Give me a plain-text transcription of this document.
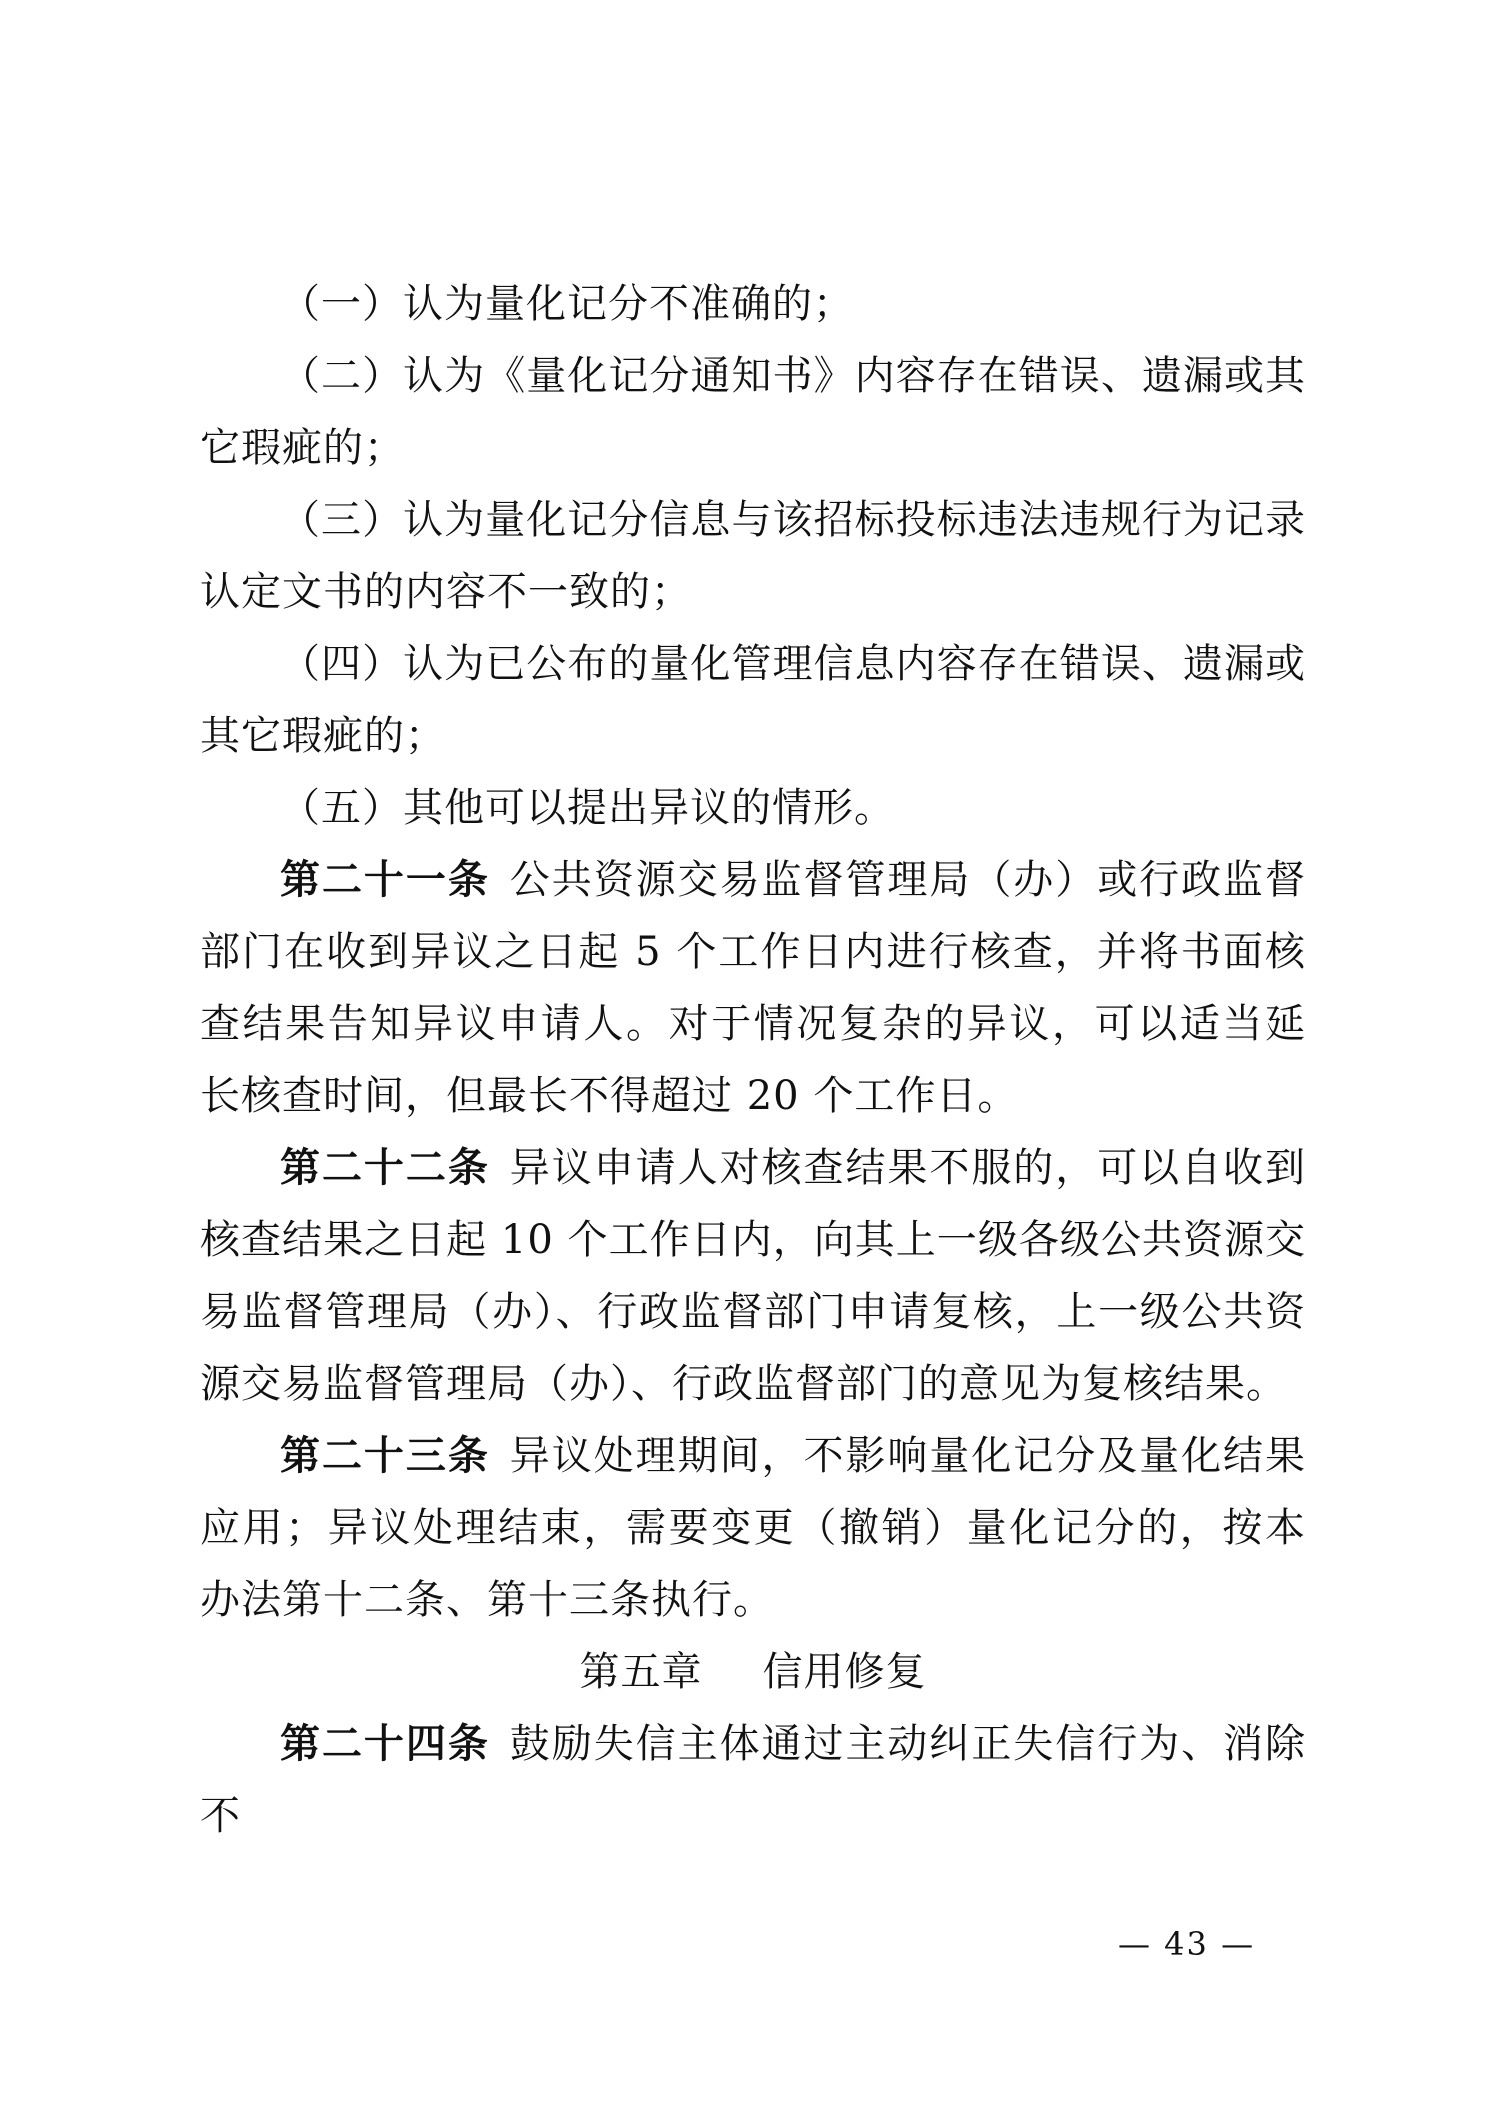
（一）认为量化记分不准确的；

（二）认为《量化记分通知书》内容存在错误、遗漏或其它瑕疵的；

（三）认为量化记分信息与该招标投标违法违规行为记录认定文书的内容不一致的；

（四）认为已公布的量化管理信息内容存在错误、遗漏或其它瑕疵的；

（五）其他可以提出异议的情形。

第二十一条 公共资源交易监督管理局（办）或行政监督部门在收到异议之日起 5 个工作日内进行核查，并将书面核查结果告知异议申请人。对于情况复杂的异议，可以适当延长核查时间，但最长不得超过 20 个工作日。

第二十二条 异议申请人对核查结果不服的，可以自收到核查结果之日起 10 个工作日内，向其上一级各级公共资源交易监督管理局（办）、行政监督部门申请复核，上一级公共资源交易监督管理局（办）、行政监督部门的意见为复核结果。

第二十三条 异议处理期间，不影响量化记分及量化结果应用；异议处理结束，需要变更（撤销）量化记分的，按本办法第十二条、第十三条执行。

第五章 信用修复

第二十四条 鼓励失信主体通过主动纠正失信行为、消除不

— 43 —
